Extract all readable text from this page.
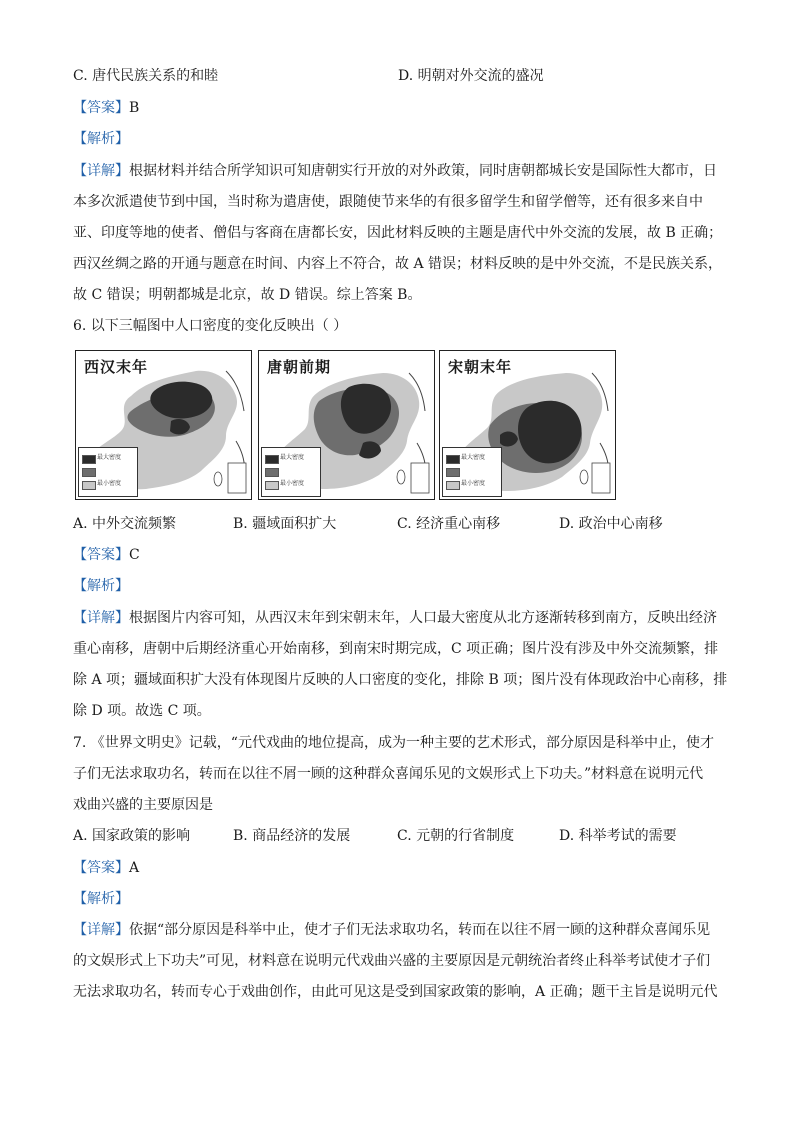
C. 唐代民族关系的和睦	D. 明朝对外交流的盛况
【答案】B
【解析】
【详解】根据材料并结合所学知识可知唐朝实行开放的对外政策，同时唐朝都城长安是国际性大都市，日
本多次派遣使节到中国，当时称为遣唐使，跟随使节来华的有很多留学生和留学僧等，还有很多来自中
亚、印度等地的使者、僧侣与客商在唐都长安，因此材料反映的主题是唐代中外交流的发展，故 B 正确；
西汉丝绸之路的开通与题意在时间、内容上不符合，故 A 错误；材料反映的是中外交流，不是民族关系，
故 C 错误；明朝都城是北京，故 D 错误。综上答案 B。
6. 以下三幅图中人口密度的变化反映出（ ）
西汉末年
最大密度
最小密度
唐朝前期
最大密度
最小密度
宋朝末年
最大密度
最小密度
A. 中外交流频繁	B. 疆域面积扩大	C. 经济重心南移	D. 政治中心南移
【答案】C
【解析】
【详解】根据图片内容可知，从西汉末年到宋朝末年，人口最大密度从北方逐渐转移到南方，反映出经济
重心南移，唐朝中后期经济重心开始南移，到南宋时期完成，C 项正确；图片没有涉及中外交流频繁，排
除 A 项；疆域面积扩大没有体现图片反映的人口密度的变化，排除 B 项；图片没有体现政治中心南移，排
除 D 项。故选 C 项。
7. 《世界文明史》记载，“元代戏曲的地位提高，成为一种主要的艺术形式，部分原因是科举中止，使才
子们无法求取功名，转而在以往不屑一顾的这种群众喜闻乐见的文娱形式上下功夫。”材料意在说明元代
戏曲兴盛的主要原因是
A. 国家政策的影响	B. 商品经济的发展	C. 元朝的行省制度	D. 科举考试的需要
【答案】A
【解析】
【详解】依据“部分原因是科举中止，使才子们无法求取功名，转而在以往不屑一顾的这种群众喜闻乐见
的文娱形式上下功夫”可见，材料意在说明元代戏曲兴盛的主要原因是元朝统治者终止科举考试使才子们
无法求取功名，转而专心于戏曲创作，由此可见这是受到国家政策的影响，A 正确；题干主旨是说明元代
